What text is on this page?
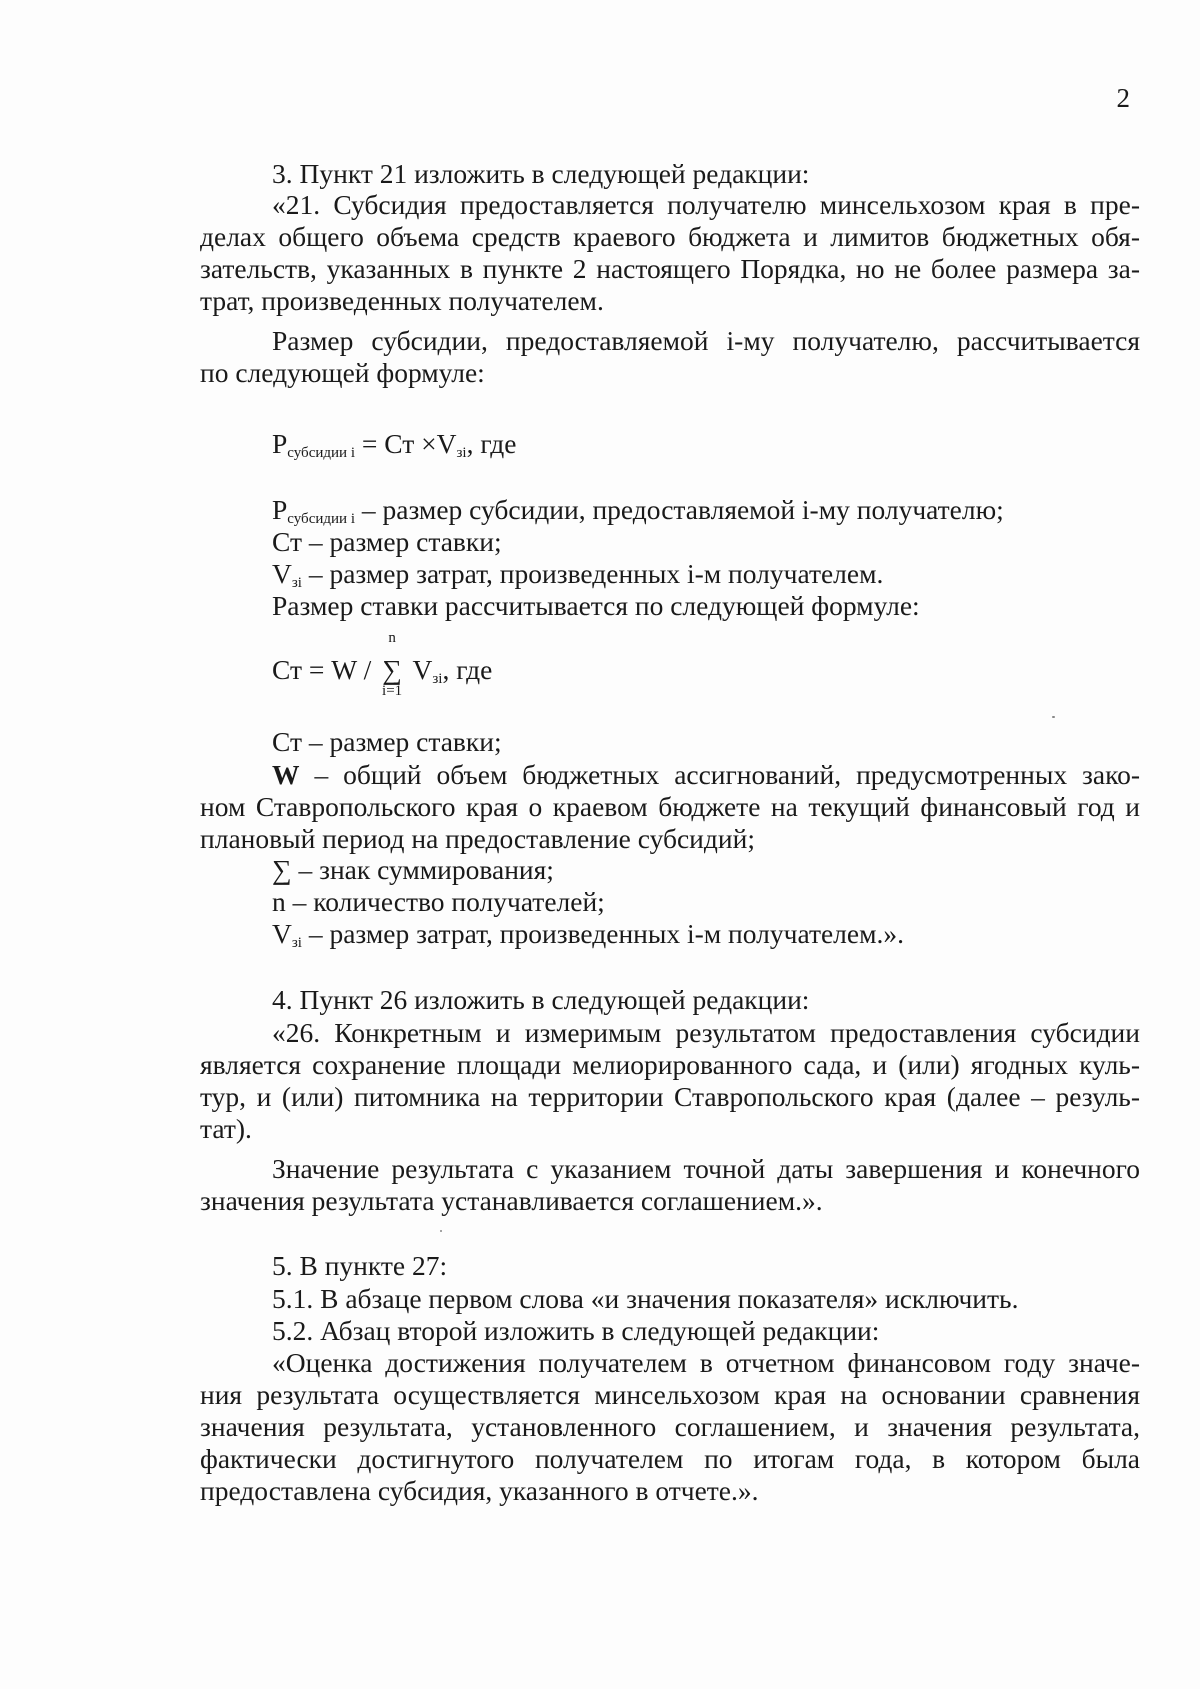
2
3. Пункт 21 изложить в следующей редакции:
«21. Субсидия предоставляется получателю минсельхозом края в пре-
делах общего объема средств краевого бюджета и лимитов бюджетных обя-
зательств, указанных в пункте 2 настоящего Порядка, но не более размера за-
трат, произведенных получателем.
Размер субсидии, предоставляемой i-му получателю, рассчитывается
по следующей формуле:
$Р_{субсидии i}$ = Ст $\times V_{зi}$, где
$Р_{субсидии i}$ – размер субсидии, предоставляемой i-му получателю;
Ст – размер ставки;
$V_{зi}$ – размер затрат, произведенных i-м получателем.
Размер ставки рассчитывается по следующей формуле:
Ст = W /
n
∑
i=1
$V_{зi}$, где
Ст – размер ставки;
W – общий объем бюджетных ассигнований, предусмотренных зако-
ном Ставропольского края о краевом бюджете на текущий финансовый год и
плановый период на предоставление субсидий;
∑ – знак суммирования;
n – количество получателей;
$V_{зi}$ – размер затрат, произведенных i-м получателем.».
4. Пункт 26 изложить в следующей редакции:
«26. Конкретным и измеримым результатом предоставления субсидии
является сохранение площади мелиорированного сада, и (или) ягодных куль-
тур, и (или) питомника на территории Ставропольского края (далее – резуль-
тат).
Значение результата с указанием точной даты завершения и конечного
значения результата устанавливается соглашением.».
5. В пункте 27:
5.1. В абзаце первом слова «и значения показателя» исключить.
5.2. Абзац второй изложить в следующей редакции:
«Оценка достижения получателем в отчетном финансовом году значе-
ния результата осуществляется минсельхозом края на основании сравнения
значения результата, установленного соглашением, и значения результата,
фактически достигнутого получателем по итогам года, в котором была
предоставлена субсидия, указанного в отчете.».
